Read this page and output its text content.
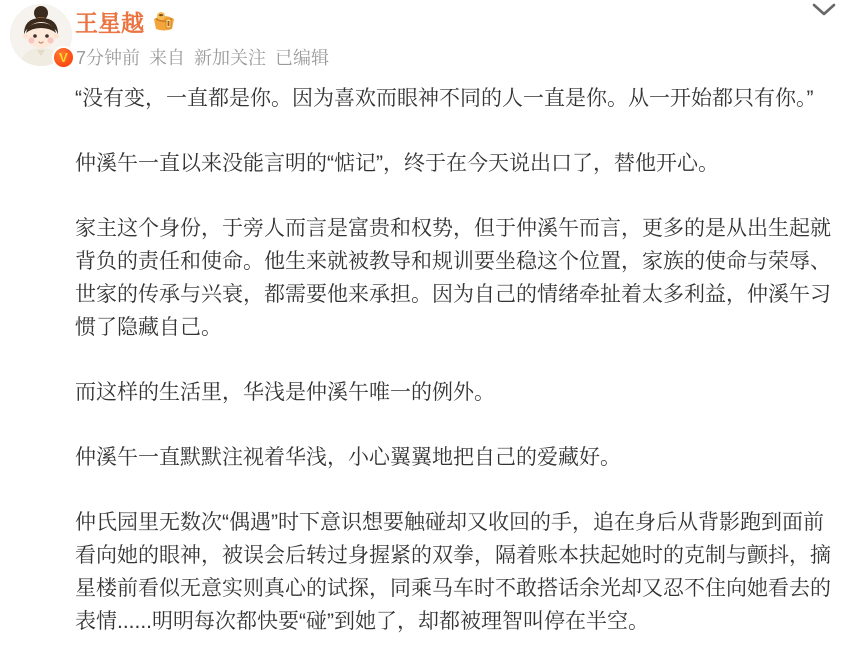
V
王星越
7分钟前 来自 新加关注 已编辑

“没有变，一直都是你。因为喜欢而眼神不同的人一直是你。从一开始都只有你。”

仲溪午一直以来没能言明的“惦记”，终于在今天说出口了，替他开心。

家主这个身份，于旁人而言是富贵和权势，但于仲溪午而言，更多的是从出生起就背负的责任和使命。他生来就被教导和规训要坐稳这个位置，家族的使命与荣辱、世家的传承与兴衰，都需要他来承担。因为自己的情绪牵扯着太多利益，仲溪午习惯了隐藏自己。

而这样的生活里，华浅是仲溪午唯一的例外。

仲溪午一直默默注视着华浅，小心翼翼地把自己的爱藏好。

仲氏园里无数次“偶遇”时下意识想要触碰却又收回的手，追在身后从背影跑到面前看向她的眼神，被误会后转过身握紧的双拳，隔着账本扶起她时的克制与颤抖，摘星楼前看似无意实则真心的试探，同乘马车时不敢搭话余光却又忍不住向她看去的表情......明明每次都快要“碰”到她了，却都被理智叫停在半空。
